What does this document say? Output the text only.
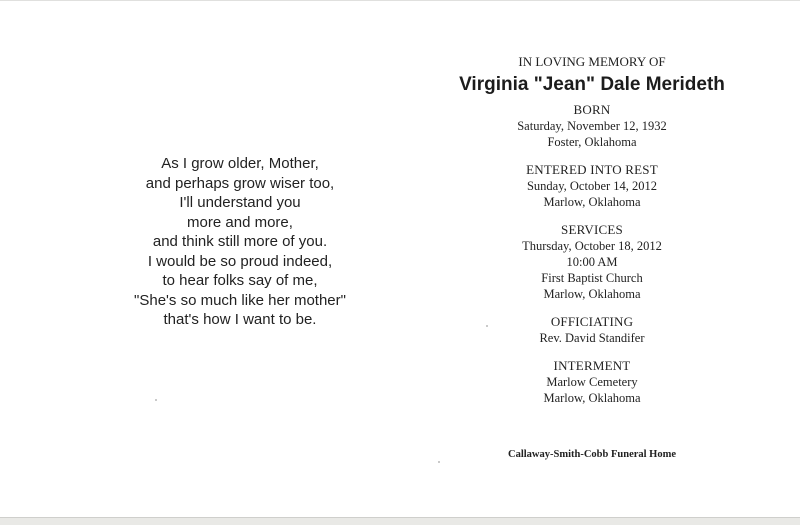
As I grow older, Mother,
and perhaps grow wiser too,
I'll understand you
more and more,
and think still more of you.
I would be so proud indeed,
to hear folks say of me,
"She's so much like her mother"
that's how I want to be.
IN LOVING MEMORY OF
Virginia "Jean" Dale Merideth
BORN
Saturday, November 12, 1932
Foster, Oklahoma
ENTERED INTO REST
Sunday, October 14, 2012
Marlow, Oklahoma
SERVICES
Thursday, October 18, 2012
10:00 AM
First Baptist Church
Marlow, Oklahoma
OFFICIATING
Rev. David Standifer
INTERMENT
Marlow Cemetery
Marlow, Oklahoma
Callaway-Smith-Cobb Funeral Home
